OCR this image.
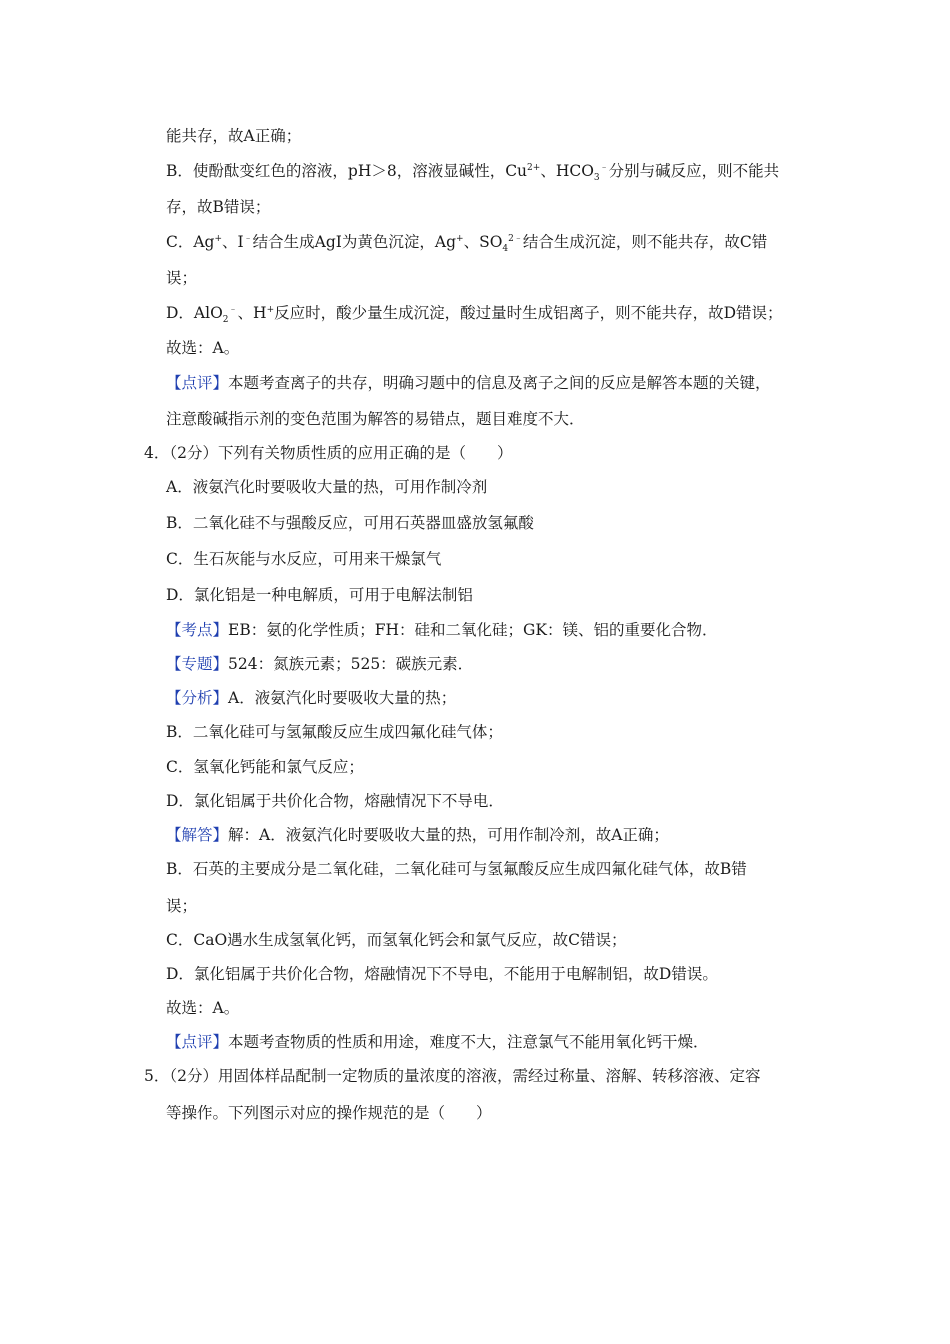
能共存，故A正确；
B．使酚酞变红色的溶液，pH＞8，溶液显碱性，$Cu^{2+}$、$HCO_3^﹣$分别与碱反应，则不能共
存，故B错误；
C．Ag+、I﹣结合生成AgI为黄色沉淀，Ag+、$SO_4^{2﹣}$结合生成沉淀，则不能共存，故C错
误；
D．AlO$_2$﹣、H+反应时，酸少量生成沉淀，酸过量时生成铝离子，则不能共存，故D错误；
故选：A。
【点评】本题考查离子的共存，明确习题中的信息及离子之间的反应是解答本题的关键，
注意酸碱指示剂的变色范围为解答的易错点，题目难度不大．
4．（2分）下列有关物质性质的应用正确的是（　　）
A．液氨汽化时要吸收大量的热，可用作制冷剂
B．二氧化硅不与强酸反应，可用石英器皿盛放氢氟酸
C．生石灰能与水反应，可用来干燥氯气
D．氯化铝是一种电解质，可用于电解法制铝
【考点】EB：氨的化学性质；FH：硅和二氧化硅；GK：镁、铝的重要化合物．
【专题】524：氮族元素；525：碳族元素．
【分析】A．液氨汽化时要吸收大量的热；
B．二氧化硅可与氢氟酸反应生成四氟化硅气体；
C．氢氧化钙能和氯气反应；
D．氯化铝属于共价化合物，熔融情况下不导电．
【解答】解：A．液氨汽化时要吸收大量的热，可用作制冷剂，故A正确；
B．石英的主要成分是二氧化硅，二氧化硅可与氢氟酸反应生成四氟化硅气体，故B错
误；
C．CaO遇水生成氢氧化钙，而氢氧化钙会和氯气反应，故C错误；
D．氯化铝属于共价化合物，熔融情况下不导电，不能用于电解制铝，故D错误。
故选：A。
【点评】本题考查物质的性质和用途，难度不大，注意氯气不能用氧化钙干燥．
5．（2分）用固体样品配制一定物质的量浓度的溶液，需经过称量、溶解、转移溶液、定容
等操作。下列图示对应的操作规范的是（　　）
